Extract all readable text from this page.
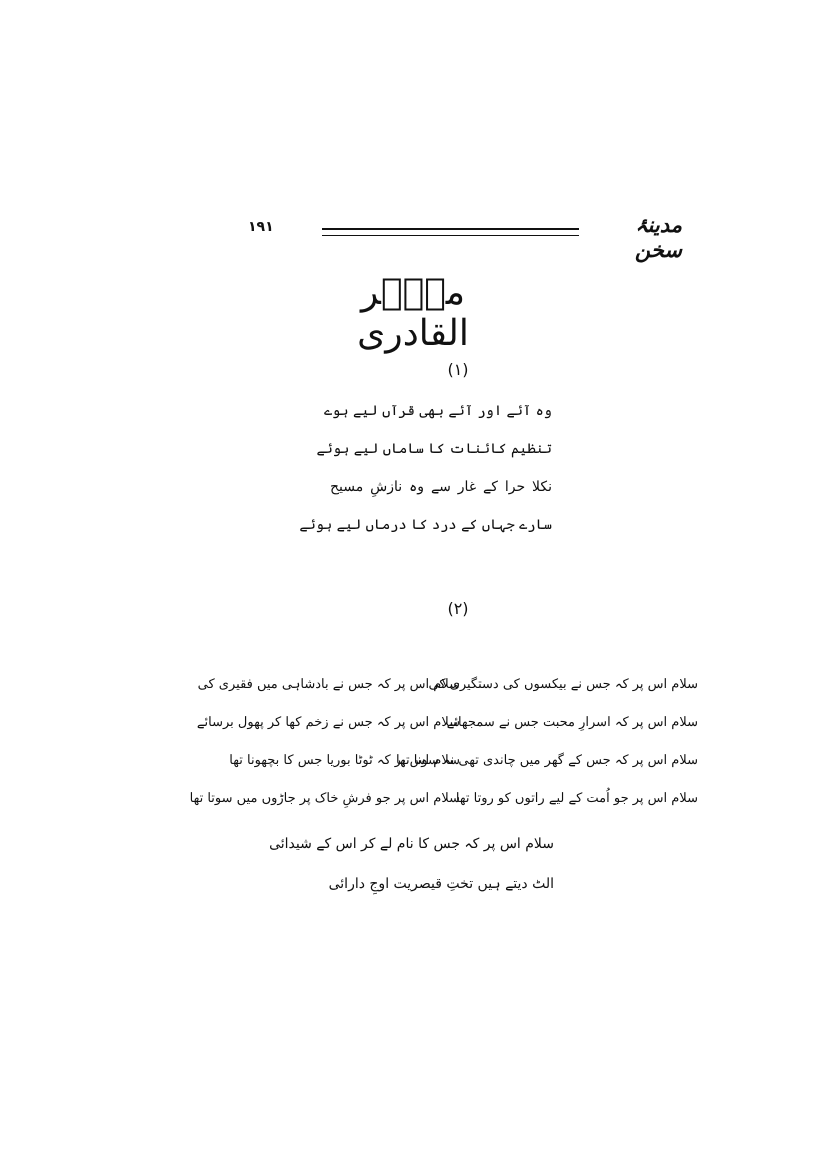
١٩١	مدینۂ سخن
ماؔہر القادری
(١)
وہ آئے اور آئے بھی قرآں لیے ہوے
تنظیم کائنات کا ساماں لیے ہوئے
نکلا حرا کے غار سے وہ نازشِ مسیح
سارے جہاں کے درد کا درماں لیے ہوئے
(٢)
سلام اس پر کہ جس نے بیکسوں کی دستگیری کی
سلام اس پر کہ جس نے بادشاہی میں فقیری کی
سلام اس پر کہ اسرارِ محبت جس نے سمجھائے
سلام اس پر کہ جس نے زخم کھا کر پھول برسائے
سلام اس پر کہ جس کے گھر میں چاندی تھی نہ سونا تھا
سلام اس پر کہ ٹوٹا بوریا جس کا بچھونا تھا
سلام اس پر جو اُمت کے لیے راتوں کو روتا تھا
سلام اس پر جو فرشِ خاک پر جاڑوں میں سوتا تھا
سلام اس پر کہ جس کا نام لے کر اس کے شیدائی
الٹ دیتے ہیں تختِ قیصریت اوجِ دارائی
